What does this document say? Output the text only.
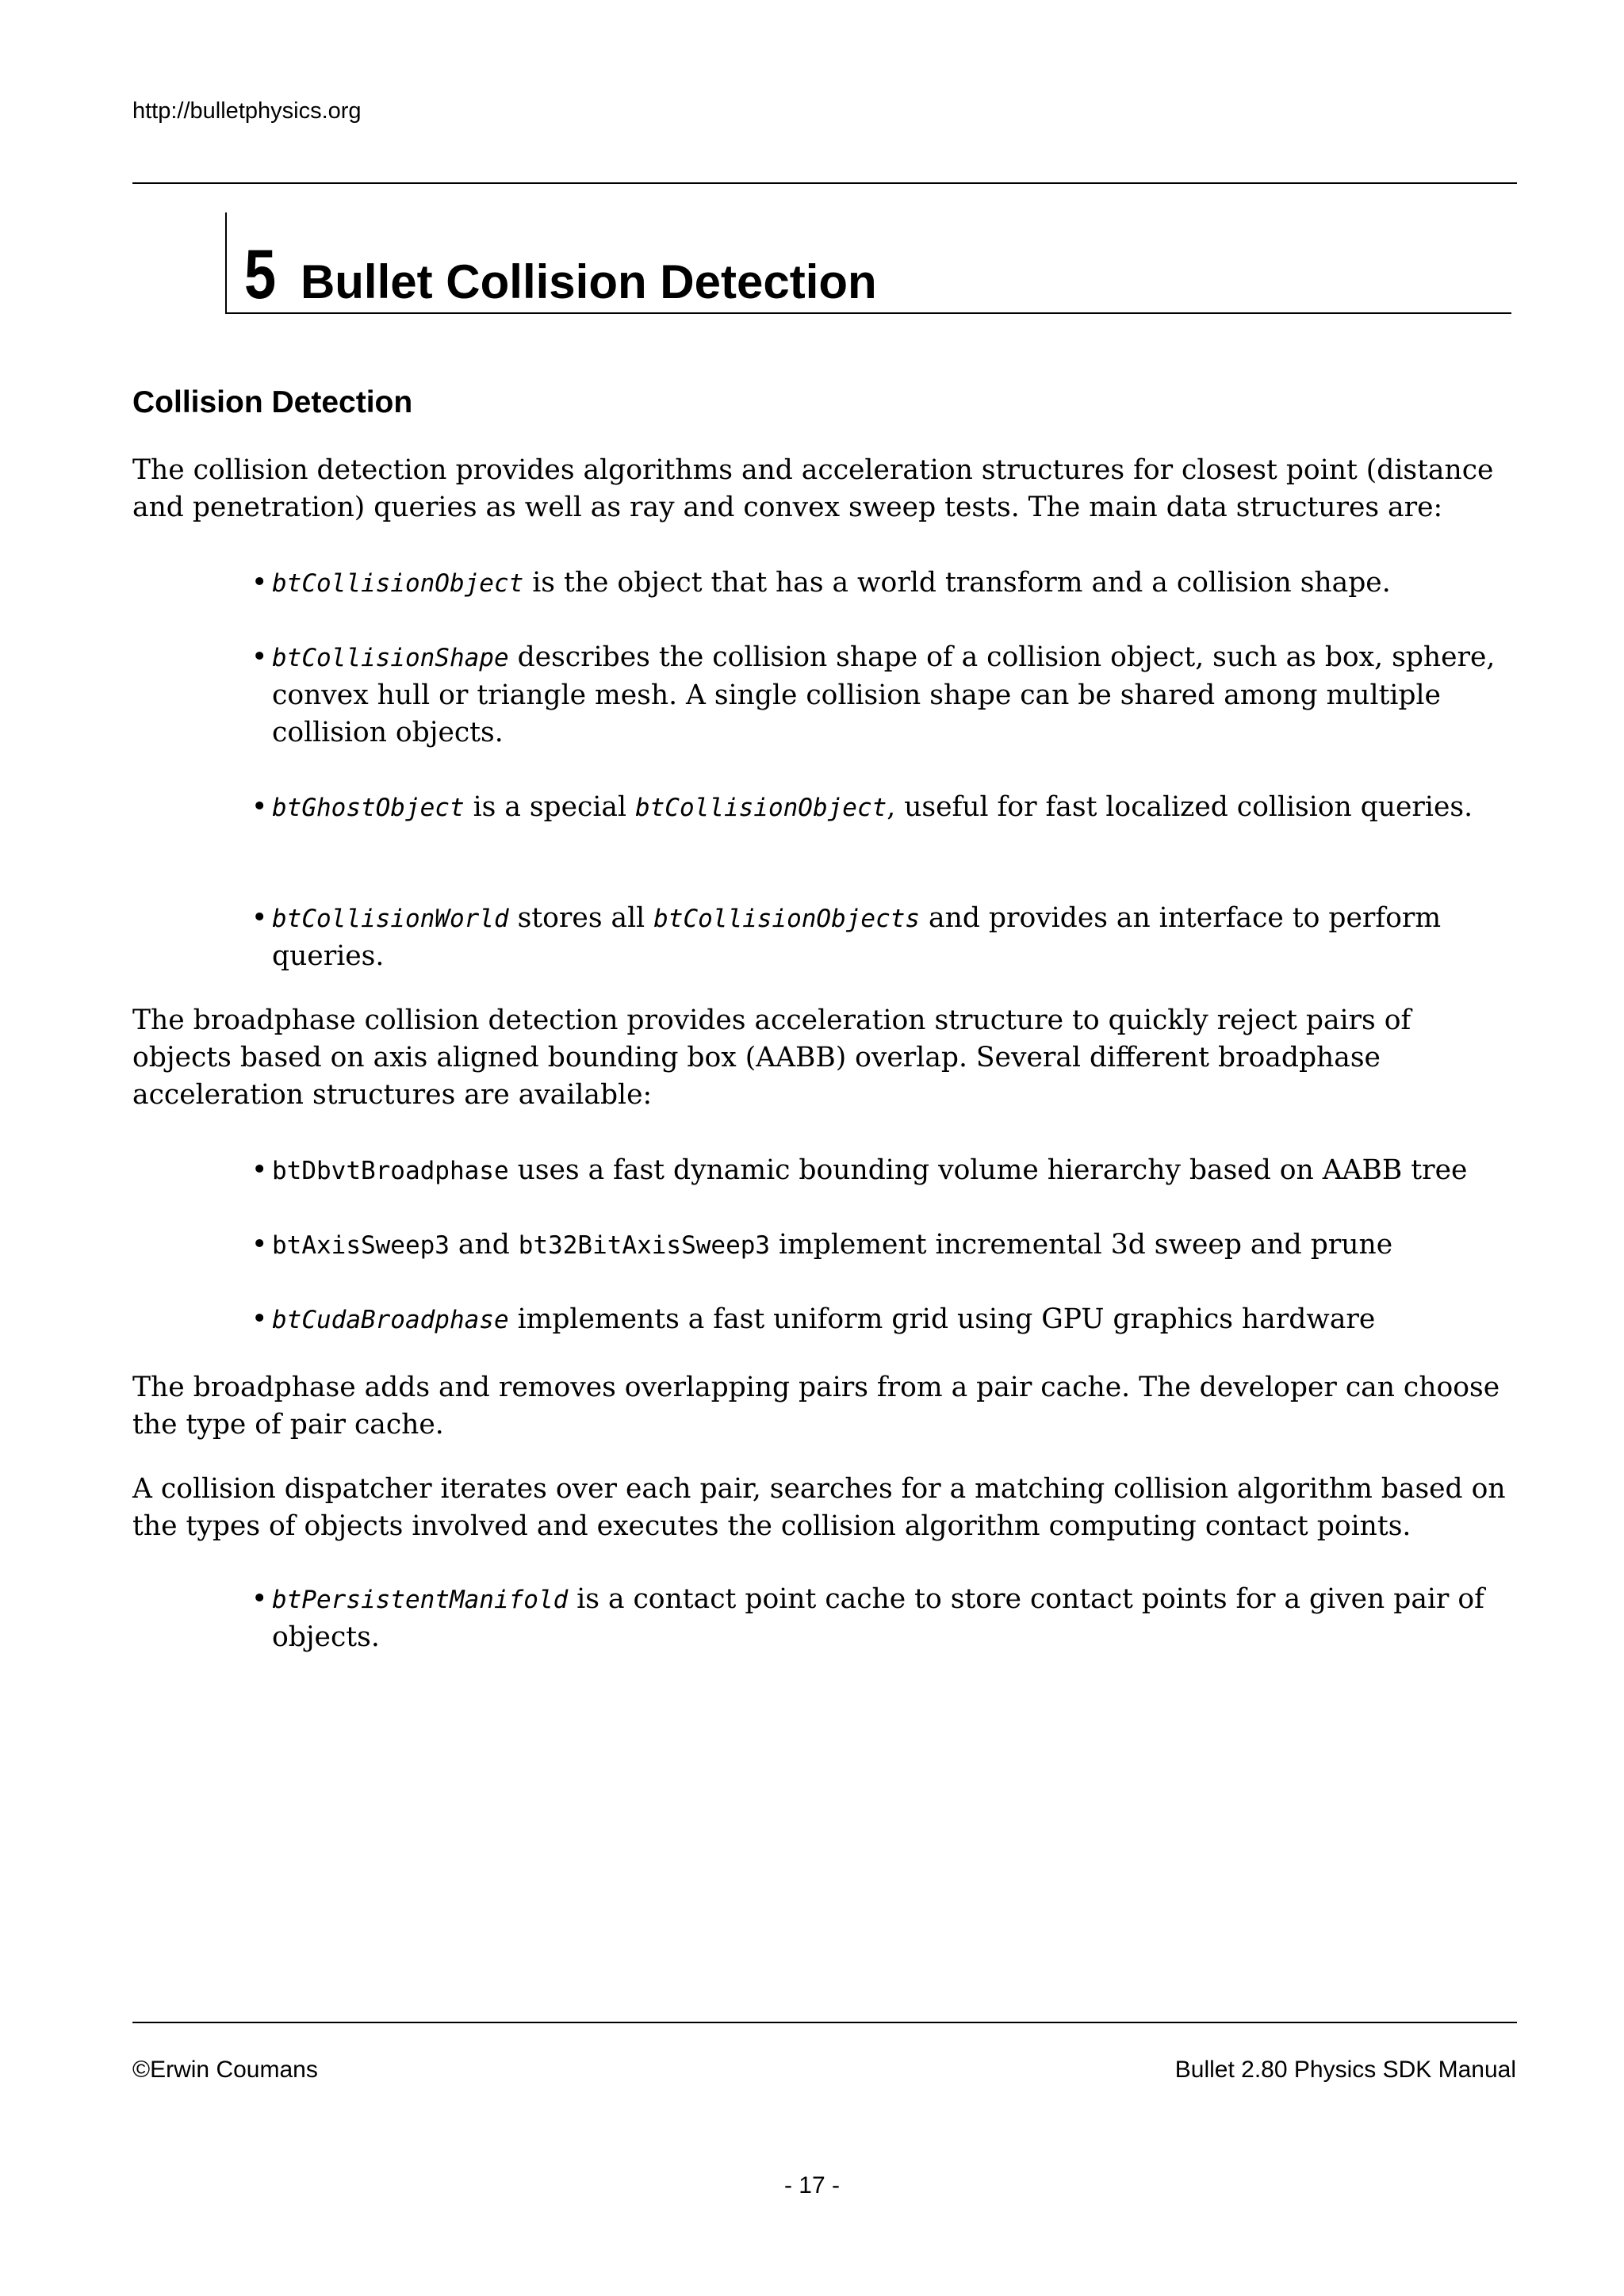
http://bulletphysics.org
5 Bullet Collision Detection
Collision Detection

The collision detection provides algorithms and acceleration structures for closest point (distance and penetration) queries as well as ray and convex sweep tests. The main data structures are:

• btCollisionObject is the object that has a world transform and a collision shape.
• btCollisionShape describes the collision shape of a collision object, such as box, sphere, convex hull or triangle mesh. A single collision shape can be shared among multiple collision objects.
• btGhostObject is a special btCollisionObject, useful for fast localized collision queries.
• btCollisionWorld stores all btCollisionObjects and provides an interface to perform queries.

The broadphase collision detection provides acceleration structure to quickly reject pairs of objects based on axis aligned bounding box (AABB) overlap. Several different broadphase acceleration structures are available:

• btDbvtBroadphase uses a fast dynamic bounding volume hierarchy based on AABB tree
• btAxisSweep3 and bt32BitAxisSweep3 implement incremental 3d sweep and prune
• btCudaBroadphase implements a fast uniform grid using GPU graphics hardware

The broadphase adds and removes overlapping pairs from a pair cache. The developer can choose the type of pair cache.

A collision dispatcher iterates over each pair, searches for a matching collision algorithm based on the types of objects involved and executes the collision algorithm computing contact points.

• btPersistentManifold is a contact point cache to store contact points for a given pair of objects.
©Erwin Coumans	Bullet 2.80 Physics SDK Manual
- 17 -
